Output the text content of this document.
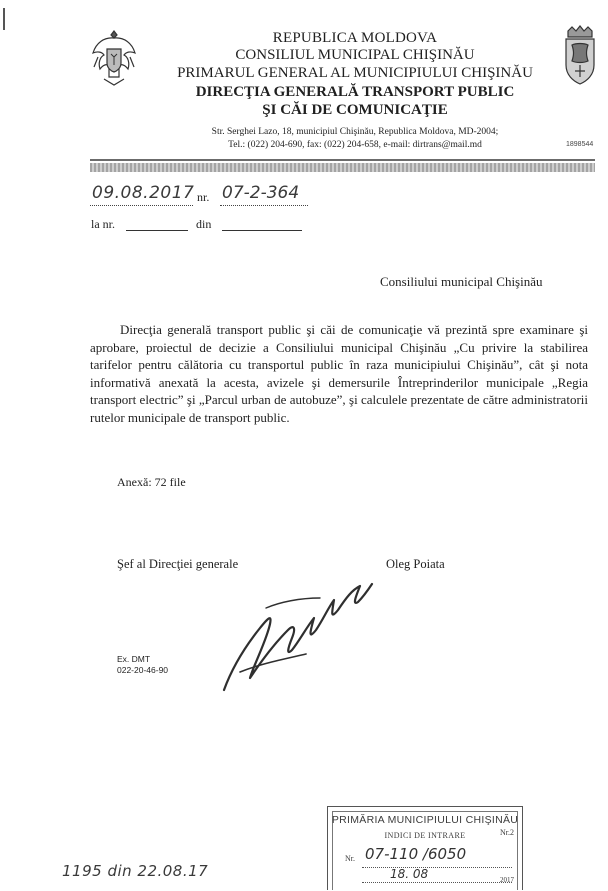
REPUBLICA MOLDOVA
CONSILIUL MUNICIPAL CHIŞINĂU
PRIMARUL GENERAL AL MUNICIPIULUI CHIŞINĂU
DIRECŢIA GENERALĂ TRANSPORT PUBLIC
ŞI CĂI DE COMUNICAŢIE
Str. Serghei Lazo, 18, municipiul Chişinău, Republica Moldova, MD-2004;
Tel.: (022) 204-690, fax: (022) 204-658, e-mail: dirtrans@mail.md	1898544
09.08.2017 nr. 07-2-364
la nr.	din
Consiliului municipal Chişinău

Direcţia generală transport public şi căi de comunicaţie vă prezintă spre examinare şi aprobare, proiectul de decizie a Consiliului municipal Chişinău „Cu privire la stabilirea tarifelor pentru călătoria cu transportul public în raza municipiului Chişinău”, cât şi nota informativă anexată la acesta, avizele şi demersurile Întreprinderilor municipale „Regia transport electric” şi „Parcul urban de autobuze”, şi calculele prezentate de către administratorii rutelor municipale de transport public.

Anexă: 72 file
Şef al Direcţiei generale	Oleg Poiata
Ex. DMT
022-20-46-90
PRIMĂRIA MUNICIPIULUI CHIŞINĂU
INDICI DE INTRARE	Nr.2
Nr. 07-110 /6050
18. 08	2017
1195 din 22.08.17
